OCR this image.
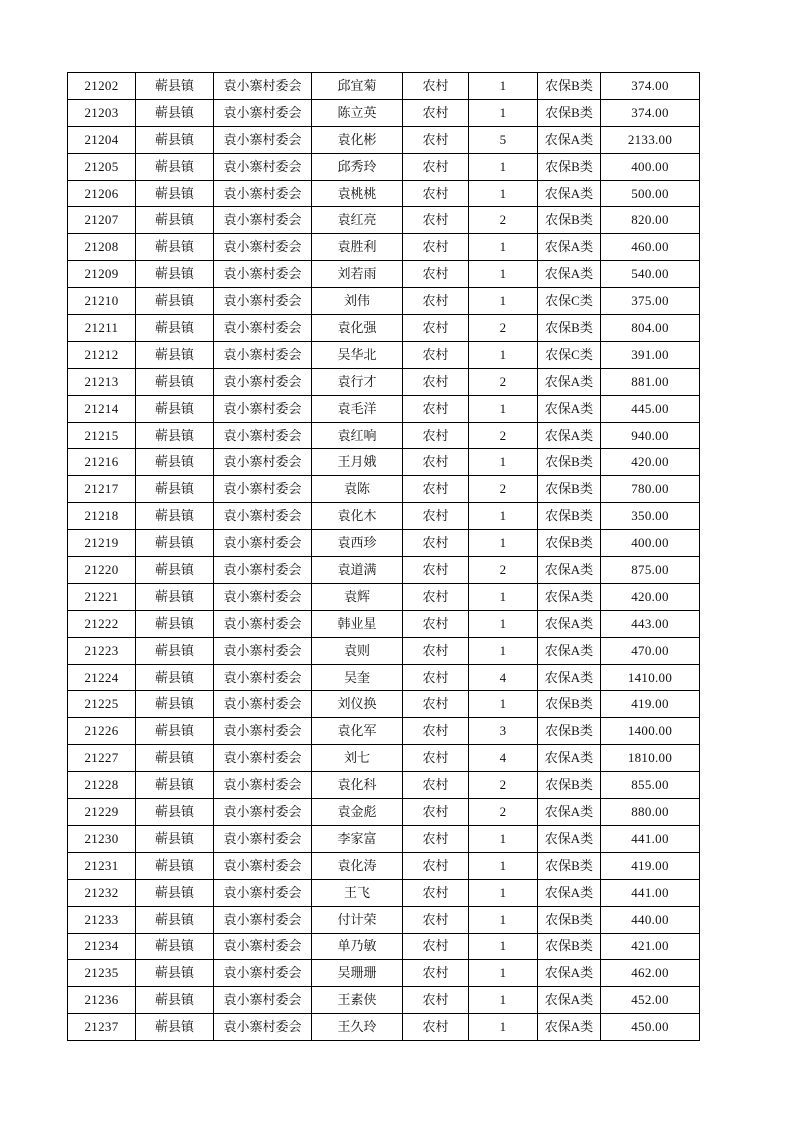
21202	蕲县镇	袁小寨村委会	邱宜菊	农村	1	农保B类	374.00
21203	蕲县镇	袁小寨村委会	陈立英	农村	1	农保B类	374.00
21204	蕲县镇	袁小寨村委会	袁化彬	农村	5	农保A类	2133.00
21205	蕲县镇	袁小寨村委会	邱秀玲	农村	1	农保B类	400.00
21206	蕲县镇	袁小寨村委会	袁桃桃	农村	1	农保A类	500.00
21207	蕲县镇	袁小寨村委会	袁红亮	农村	2	农保B类	820.00
21208	蕲县镇	袁小寨村委会	袁胜利	农村	1	农保A类	460.00
21209	蕲县镇	袁小寨村委会	刘若雨	农村	1	农保A类	540.00
21210	蕲县镇	袁小寨村委会	刘伟	农村	1	农保C类	375.00
21211	蕲县镇	袁小寨村委会	袁化强	农村	2	农保B类	804.00
21212	蕲县镇	袁小寨村委会	吴华北	农村	1	农保C类	391.00
21213	蕲县镇	袁小寨村委会	袁行才	农村	2	农保A类	881.00
21214	蕲县镇	袁小寨村委会	袁毛洋	农村	1	农保A类	445.00
21215	蕲县镇	袁小寨村委会	袁红响	农村	2	农保A类	940.00
21216	蕲县镇	袁小寨村委会	王月娥	农村	1	农保B类	420.00
21217	蕲县镇	袁小寨村委会	袁陈	农村	2	农保B类	780.00
21218	蕲县镇	袁小寨村委会	袁化木	农村	1	农保B类	350.00
21219	蕲县镇	袁小寨村委会	袁西珍	农村	1	农保B类	400.00
21220	蕲县镇	袁小寨村委会	袁道满	农村	2	农保A类	875.00
21221	蕲县镇	袁小寨村委会	袁辉	农村	1	农保A类	420.00
21222	蕲县镇	袁小寨村委会	韩业星	农村	1	农保A类	443.00
21223	蕲县镇	袁小寨村委会	袁则	农村	1	农保A类	470.00
21224	蕲县镇	袁小寨村委会	吴奎	农村	4	农保A类	1410.00
21225	蕲县镇	袁小寨村委会	刘仪换	农村	1	农保B类	419.00
21226	蕲县镇	袁小寨村委会	袁化军	农村	3	农保B类	1400.00
21227	蕲县镇	袁小寨村委会	刘七	农村	4	农保A类	1810.00
21228	蕲县镇	袁小寨村委会	袁化科	农村	2	农保B类	855.00
21229	蕲县镇	袁小寨村委会	袁金彪	农村	2	农保A类	880.00
21230	蕲县镇	袁小寨村委会	李家富	农村	1	农保A类	441.00
21231	蕲县镇	袁小寨村委会	袁化涛	农村	1	农保B类	419.00
21232	蕲县镇	袁小寨村委会	王飞	农村	1	农保A类	441.00
21233	蕲县镇	袁小寨村委会	付计荣	农村	1	农保B类	440.00
21234	蕲县镇	袁小寨村委会	单乃敏	农村	1	农保B类	421.00
21235	蕲县镇	袁小寨村委会	吴珊珊	农村	1	农保A类	462.00
21236	蕲县镇	袁小寨村委会	王素侠	农村	1	农保A类	452.00
21237	蕲县镇	袁小寨村委会	王久玲	农村	1	农保A类	450.00
